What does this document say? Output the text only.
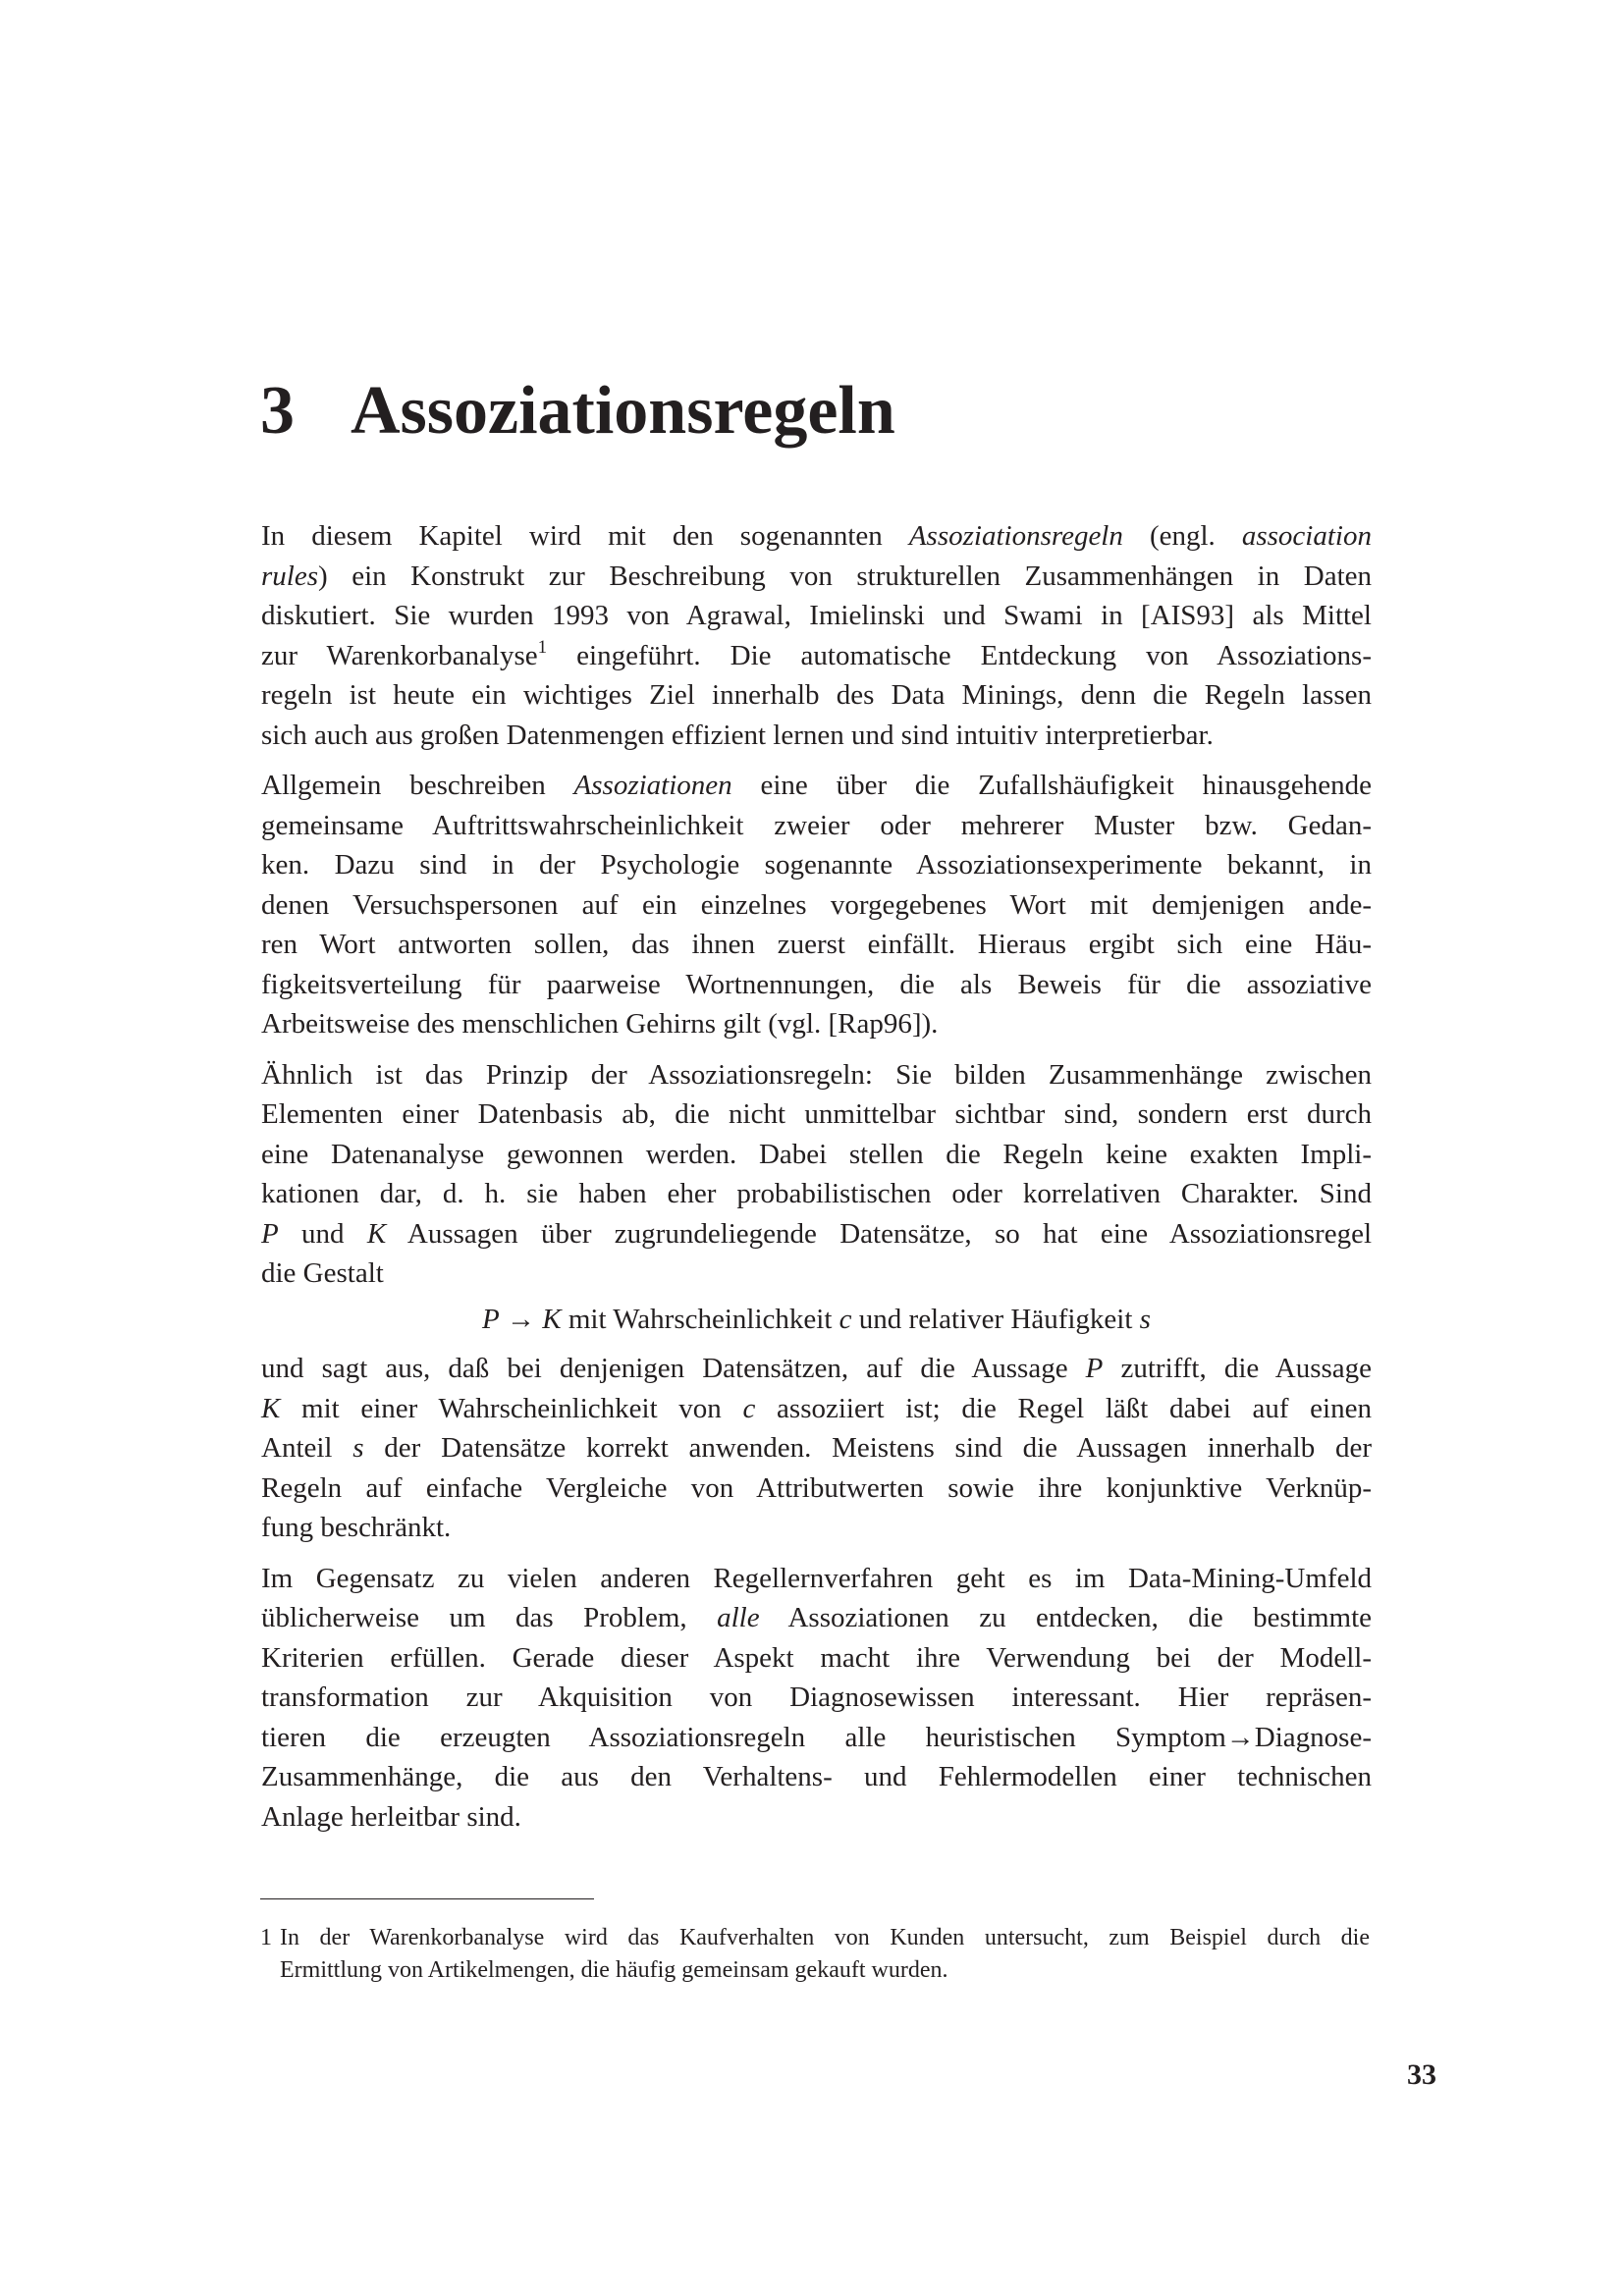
3 Assoziationsregeln
In diesem Kapitel wird mit den sogenannten Assoziationsregeln (engl. association
rules) ein Konstrukt zur Beschreibung von strukturellen Zusammenhängen in Daten
diskutiert. Sie wurden 1993 von Agrawal, Imielinski und Swami in [AIS93] als Mittel
zur Warenkorbanalyse$^1$ eingeführt. Die automatische Entdeckung von Assoziations-
regeln ist heute ein wichtiges Ziel innerhalb des Data Minings, denn die Regeln lassen
sich auch aus großen Datenmengen effizient lernen und sind intuitiv interpretierbar.
Allgemein beschreiben Assoziationen eine über die Zufallshäufigkeit hinausgehende
gemeinsame Auftrittswahrscheinlichkeit zweier oder mehrerer Muster bzw. Gedan-
ken. Dazu sind in der Psychologie sogenannte Assoziationsexperimente bekannt, in
denen Versuchspersonen auf ein einzelnes vorgegebenes Wort mit demjenigen ande-
ren Wort antworten sollen, das ihnen zuerst einfällt. Hieraus ergibt sich eine Häu-
figkeitsverteilung für paarweise Wortnennungen, die als Beweis für die assoziative
Arbeitsweise des menschlichen Gehirns gilt (vgl. [Rap96]).
Ähnlich ist das Prinzip der Assoziationsregeln: Sie bilden Zusammenhänge zwischen
Elementen einer Datenbasis ab, die nicht unmittelbar sichtbar sind, sondern erst durch
eine Datenanalyse gewonnen werden. Dabei stellen die Regeln keine exakten Impli-
kationen dar, d. h. sie haben eher probabilistischen oder korrelativen Charakter. Sind
P und K Aussagen über zugrundeliegende Datensätze, so hat eine Assoziationsregel
die Gestalt
P → K mit Wahrscheinlichkeit c und relativer Häufigkeit s
und sagt aus, daß bei denjenigen Datensätzen, auf die Aussage P zutrifft, die Aussage
K mit einer Wahrscheinlichkeit von c assoziiert ist; die Regel läßt dabei auf einen
Anteil s der Datensätze korrekt anwenden. Meistens sind die Aussagen innerhalb der
Regeln auf einfache Vergleiche von Attributwerten sowie ihre konjunktive Verknüp-
fung beschränkt.
Im Gegensatz zu vielen anderen Regellernverfahren geht es im Data-Mining-Umfeld
üblicherweise um das Problem, alle Assoziationen zu entdecken, die bestimmte
Kriterien erfüllen. Gerade dieser Aspekt macht ihre Verwendung bei der Modell-
transformation zur Akquisition von Diagnosewissen interessant. Hier repräsen-
tieren die erzeugten Assoziationsregeln alle heuristischen Symptom→Diagnose-
Zusammenhänge, die aus den Verhaltens- und Fehlermodellen einer technischen
Anlage herleitbar sind.
1 In der Warenkorbanalyse wird das Kaufverhalten von Kunden untersucht, zum Beispiel durch die
Ermittlung von Artikelmengen, die häufig gemeinsam gekauft wurden.
33
